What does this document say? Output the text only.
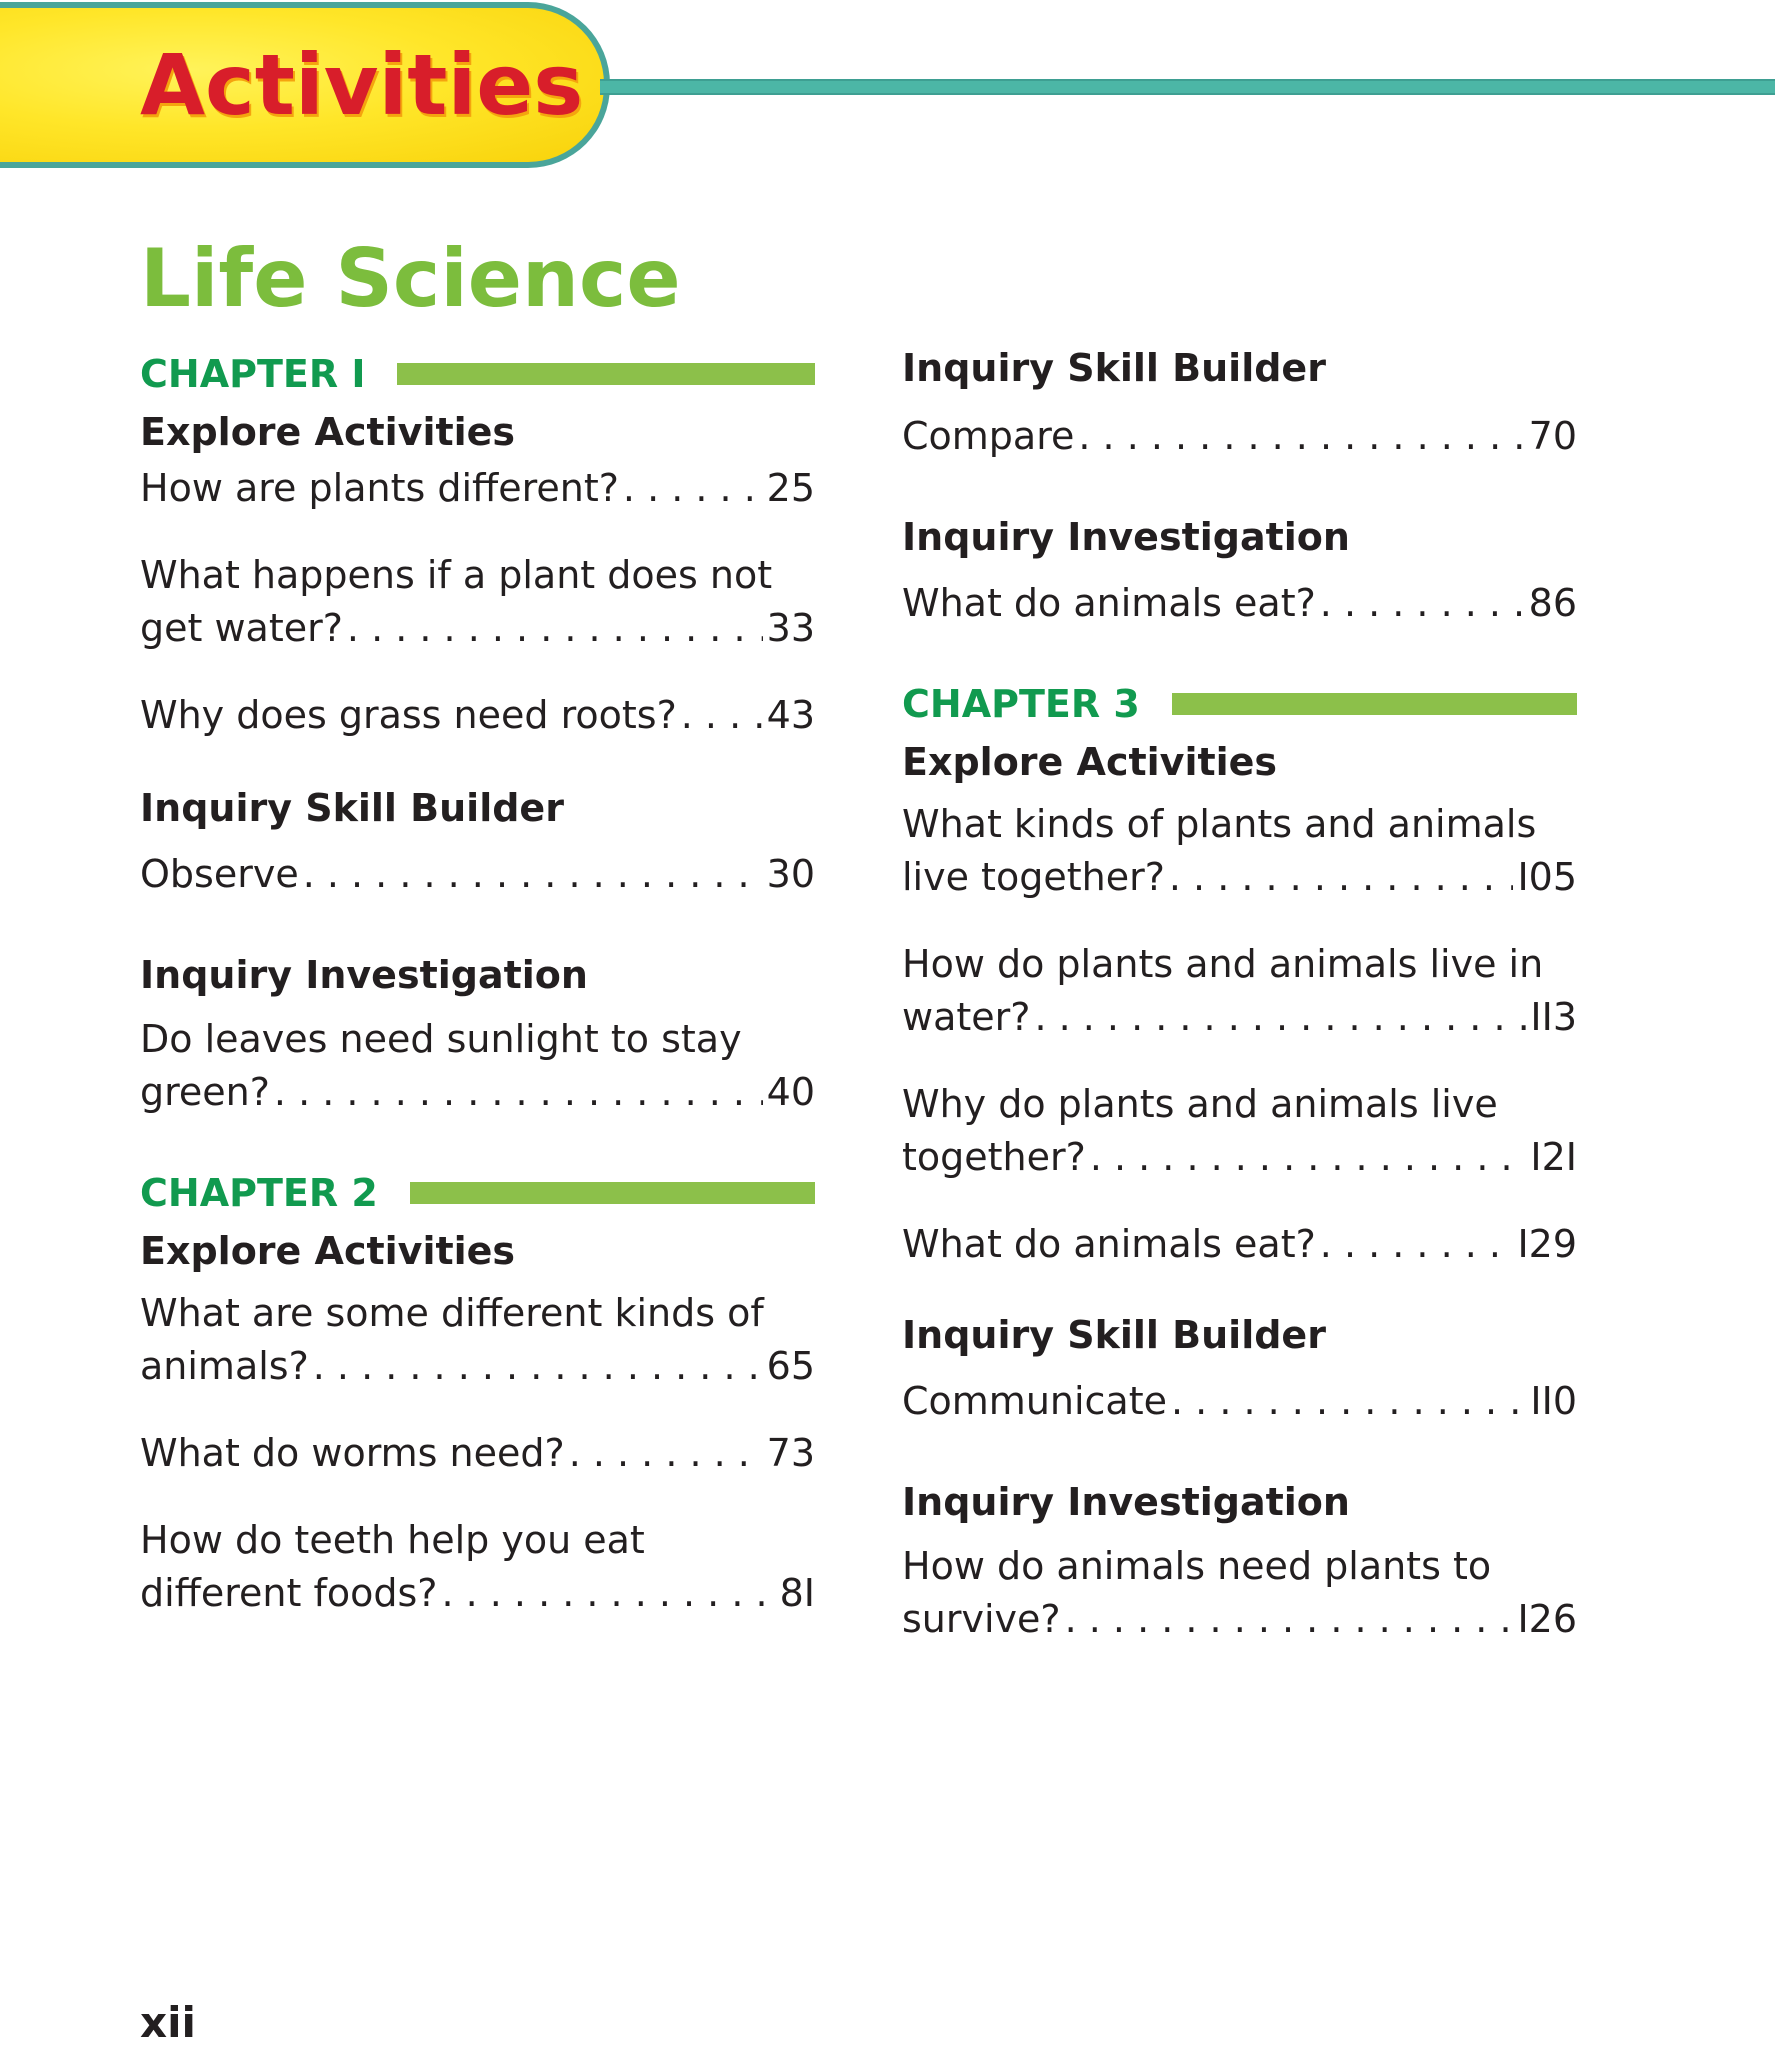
Activities
Life Science
CHAPTER I
Explore Activities
How are plants different? . . .	25
What happens if a plant does not
get water? . . .	33
Why does grass need roots? . . . 43
Inquiry Skill Builder
Observe . . .	30
Inquiry Investigation
Do leaves need sunlight to stay
green? . . .	40
CHAPTER 2
Explore Activities
What are some different kinds of
animals? . . .	65
What do worms need? . . .	73
How do teeth help you eat
different foods? . . .	8I
Inquiry Skill Builder
Compare . . .	70
Inquiry Investigation
What do animals eat? . . .	86
CHAPTER 3
Explore Activities
What kinds of plants and animals
live together? . . .	I05
How do plants and animals live in
water? . . .	II3
Why do plants and animals live
together? . . .	I2I
What do animals eat? . . .	I29
Inquiry Skill Builder
Communicate . . .	II0
Inquiry Investigation
How do animals need plants to
survive? . . .	I26
xii
